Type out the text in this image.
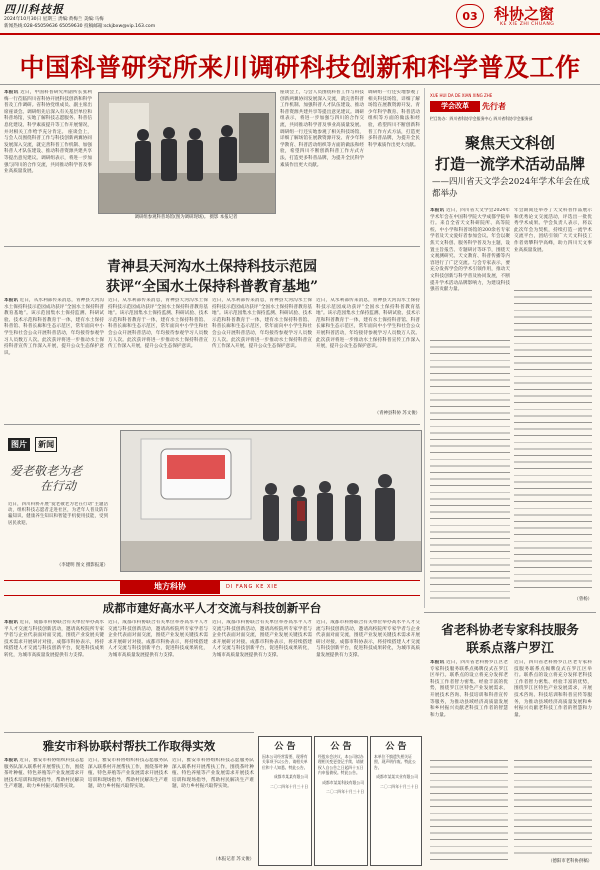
四川科技报
2024年10月30日 星期三 责编:黄梅兰 美编:马梅
新闻热线:028-65059636 65059630 投稿邮箱:sckjbxw@vip.163.com
03	科协之窗
KE XIE ZHI CHUANG
中国科普研究所来川调研科技创新和科学普及工作
本报讯 近日，中国科普研究所副所长张利梅一行莅临四川省科协开展科技创新和科学普及工作调研。省科协党组成员、副主席出席座谈会。调研组先后深入有关基层单位和科普场馆，实地了解科技志愿服务、科普信息化建设、科学素质提升等工作开展情况，并对相关工作给予充分肯定。 座谈会上，与会人员围绕科普工作与科技创新两翼协同发展深入交流，就完善科普工作机制、加强科普人才队伍建设、推动科普资源共建共享等提出意见建议。调研组表示，将进一步加强与四川的合作交流，共同推动科学普及事业高质量发展。
调研组参观科普场馆(图为调研现场)。 摄影 本报记者
座谈会上，与会人员围绕科普工作与科技创新两翼协同发展深入交流，就完善科普工作机制、加强科普人才队伍建设、推动科普资源共建共享等提出意见建议。调研组表示，将进一步加强与四川的合作交流，共同推动科学普及事业高质量发展。 调研组一行还实地参观了相关科技场馆，详细了解场馆在展教资源开发、青少年科学教育、科普活动组织等方面的做法和经验，希望四川不断创新科普工作方式方法，打造更多科普品牌，为提升全民科学素质作出更大贡献。
调研组一行还实地参观了相关科技场馆，详细了解场馆在展教资源开发、青少年科学教育、科普活动组织等方面的做法和经验，希望四川不断创新科普工作方式方法，打造更多科普品牌，为提升全民科学素质作出更大贡献。
XUE HUI DA DE XIAN XING ZHE
学会改革	先行者
栏目协办：四川省科协学会服务中心 四川省科协学会服务部
聚焦天文科创
打造一流学术活动品牌
——四川省天文学会2024年学术年会在成都举办
本报讯 近日，四川省天文学会2024年学术年会在中国科学院大学成都学院举行。来自全省天文科研院所、高等院校、中小学和科普场馆的200余名专家学者及天文爱好者参加会议。年会以聚焦天文科创、服务科学普及为主题，设置主旨报告、专题研讨等环节，围绕天文观测研究、天文教育、科普传播等内容进行了广泛交流。与会专家表示，要充分发挥学会的学术引领作用，推动天文科技创新与科学普及协同发展，不断提升学术活动品牌影响力，为建设科技强省贡献力量。
年会期间还举办了天文科普作品展示和优秀论文交流活动，评选出一批优秀学术成果。学会负责人表示，将以此次年会为契机，持续打造一流学术交流平台，团结引领广大天文科技工作者勇攀科学高峰，助力四川天文事业高质量发展。
（曾杨）
青神县天河沟水土保持科技示范园
获评“全国水土保持科普教育基地”
本报讯 近日，从水利部传来消息，青神县天河沟水土保持科技示范园成功获评“全国水土保持科普教育基地”。该示范园集水土保持监测、科研试验、技术示范和科普教育于一体，建有水土保持科普馆、科普长廊和生态示范区，常年面向中小学生和社会公众开展科普活动，年均接待参观学习人员数万人次。此次获评将进一步推动水土保持科普宣传工作深入开展，提升公众生态保护意识。
近日，从水利部传来消息，青神县天河沟水土保持科技示范园成功获评“全国水土保持科普教育基地”。该示范园集水土保持监测、科研试验、技术示范和科普教育于一体，建有水土保持科普馆、科普长廊和生态示范区，常年面向中小学生和社会公众开展科普活动，年均接待参观学习人员数万人次。此次获评将进一步推动水土保持科普宣传工作深入开展，提升公众生态保护意识。
近日，从水利部传来消息，青神县天河沟水土保持科技示范园成功获评“全国水土保持科普教育基地”。该示范园集水土保持监测、科研试验、技术示范和科普教育于一体，建有水土保持科普馆、科普长廊和生态示范区，常年面向中小学生和社会公众开展科普活动，年均接待参观学习人员数万人次。此次获评将进一步推动水土保持科普宣传工作深入开展，提升公众生态保护意识。
近日，从水利部传来消息，青神县天河沟水土保持科技示范园成功获评“全国水土保持科普教育基地”。该示范园集水土保持监测、科研试验、技术示范和科普教育于一体，建有水土保持科普馆、科普长廊和生态示范区，常年面向中小学生和社会公众开展科普活动，年均接待参观学习人员数万人次。此次获评将进一步推动水土保持科普宣传工作深入开展，提升公众生态保护意识。
（青神县科协 苏文俊）
图片 新闻
爱老敬老为老
在行动
近日，四川科协开展“爱老敬老为老在行动”主题活动，组织科技志愿者走进社区，为老年人普及防诈骗知识、健康养生知识和智能手机使用技能，受到居民欢迎。
（李建明 图文 摄影报道）
地方科协	DI FANG KE XIE
成都市建好高水平人才交流与科技创新平台
本报讯 近日，成都市科协联合有关单位举办高水平人才交流与科技创新活动，邀请高校院所专家学者与企业代表面对面交流，围绕产业发展关键技术需求开展研讨对接。成都市科协表示，将持续搭建人才交流与科技创新平台，促进科技成果转化，为城市高质量发展提供有力支撑。
近日，成都市科协联合有关单位举办高水平人才交流与科技创新活动，邀请高校院所专家学者与企业代表面对面交流，围绕产业发展关键技术需求开展研讨对接。成都市科协表示，将持续搭建人才交流与科技创新平台，促进科技成果转化，为城市高质量发展提供有力支撑。
近日，成都市科协联合有关单位举办高水平人才交流与科技创新活动，邀请高校院所专家学者与企业代表面对面交流，围绕产业发展关键技术需求开展研讨对接。成都市科协表示，将持续搭建人才交流与科技创新平台，促进科技成果转化，为城市高质量发展提供有力支撑。
近日，成都市科协联合有关单位举办高水平人才交流与科技创新活动，邀请高校院所专家学者与企业代表面对面交流，围绕产业发展关键技术需求开展研讨对接。成都市科协表示，将持续搭建人才交流与科技创新平台，促进科技成果转化，为城市高质量发展提供有力支撑。
雅安市科协联村帮扶工作取得实效
本报讯 近日，雅安市科协组织科技志愿服务队深入联系村开展帮扶工作，围绕茶叶种植、特色养殖等产业发展需求开展技术培训和现场指导，帮助村民解决生产难题，助力乡村振兴取得实效。
近日，雅安市科协组织科技志愿服务队深入联系村开展帮扶工作，围绕茶叶种植、特色养殖等产业发展需求开展技术培训和现场指导，帮助村民解决生产难题，助力乡村振兴取得实效。
近日，雅安市科协组织科技志愿服务队深入联系村开展帮扶工作，围绕茶叶种植、特色养殖等产业发展需求开展技术培训和现场指导，帮助村民解决生产难题，助力乡村振兴取得实效。
（本报记者 苏文俊）
公 告
因本公司经营需要，现将有关事项予以公告，请相关单位和个人知悉。特此公告。
成都市某某有限公司
二〇二四年十月三十日
公 告
经股东会决议，本公司拟办理相关变更登记手续，请债权人自公告之日起四十五日内申报债权。特此公告。
成都市某某科技有限公司
二〇二四年十月三十日
公 告
本单位不慎遗失相关证照，现声明作废。特此公告。
成都市某某实业有限公司
二〇二四年十月三十日
省老科协老专家科技服务
联系点落户罗江
本报讯 近日，四川省老科协罗江区老专家科技服务联系点揭牌仪式在罗江区举行。联系点的设立将充分发挥老科技工作者智力密集、经验丰富的优势，围绕罗江区特色产业发展需求，开展技术咨询、科技培训和科普宣传等服务，为推动县域经济高质量发展和乡村振兴贡献老科技工作者的智慧和力量。
近日，四川省老科协罗江区老专家科技服务联系点揭牌仪式在罗江区举行。联系点的设立将充分发挥老科技工作者智力密集、经验丰富的优势，围绕罗江区特色产业发展需求，开展技术咨询、科技培训和科普宣传等服务，为推动县域经济高质量发展和乡村振兴贡献老科技工作者的智慧和力量。
（德阳市老科协供稿）
